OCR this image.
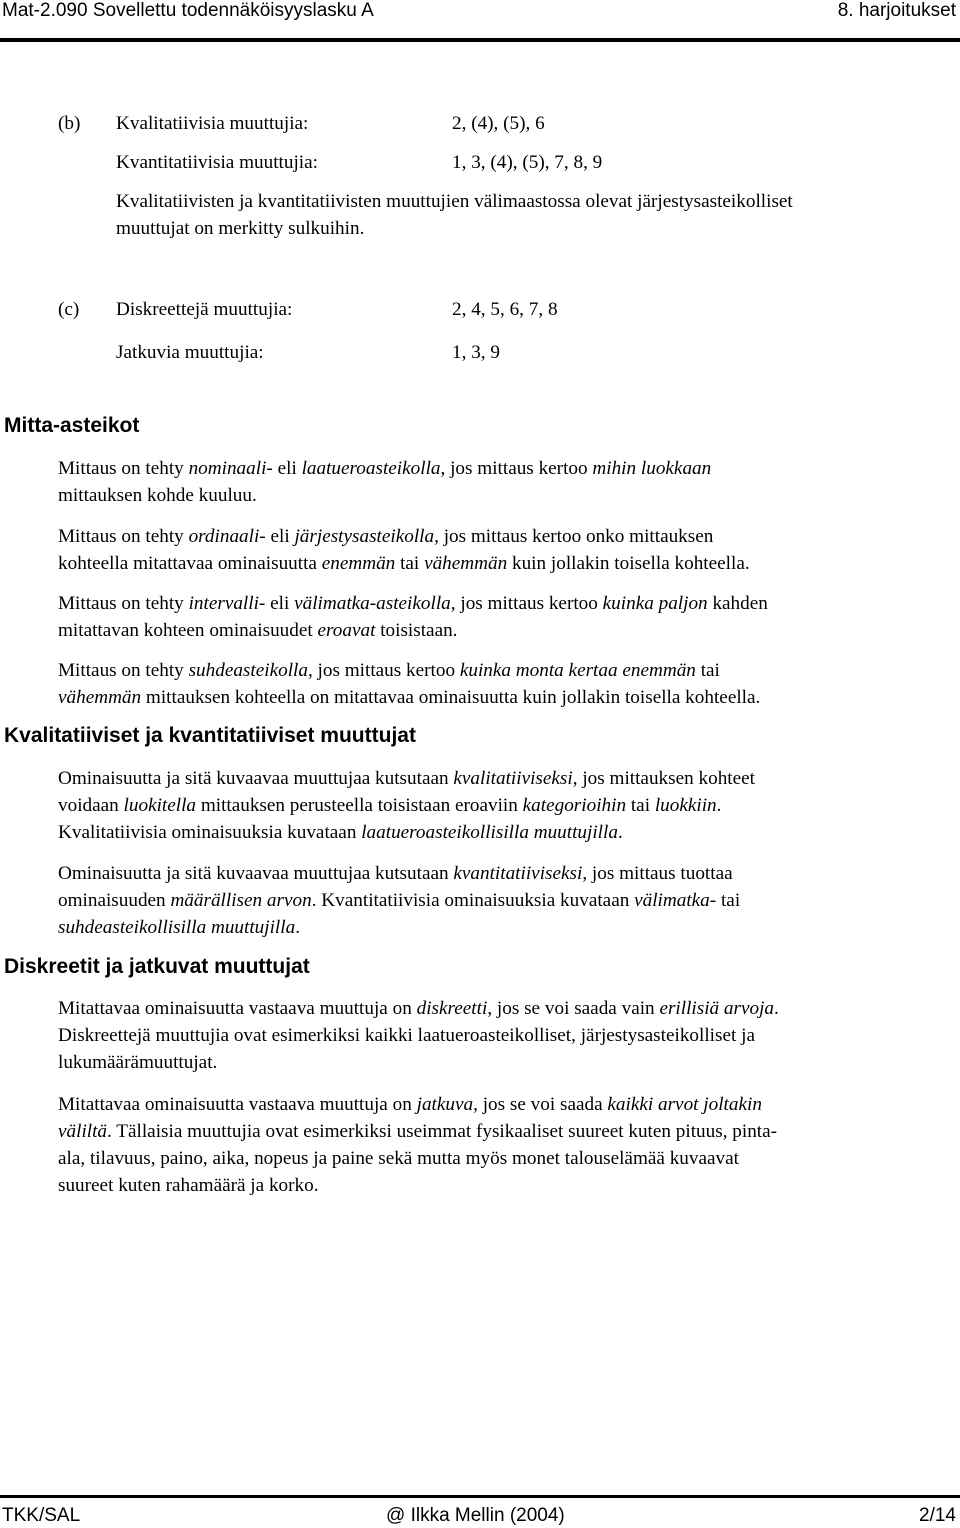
Mat-2.090 Sovellettu todennäköisyyslasku A	8. harjoitukset
(b) Kvalitatiivisia muuttujia:	2, (4), (5), 6
Kvantitatiivisia muuttujia:	1, 3, (4), (5), 7, 8, 9
Kvalitatiivisten ja kvantitatiivisten muuttujien välimaastossa olevat järjestysasteikolliset
muuttujat on merkitty sulkuihin.
(c) Diskreettejä muuttujia:	2, 4, 5, 6, 7, 8
Jatkuvia muuttujia:	1, 3, 9
Mitta-asteikot

Mittaus on tehty nominaali- eli laatueroasteikolla, jos mittaus kertoo mihin luokkaan

mittauksen kohde kuuluu.

Mittaus on tehty ordinaali- eli järjestysasteikolla, jos mittaus kertoo onko mittauksen

kohteella mitattavaa ominaisuutta enemmän tai vähemmän kuin jollakin toisella kohteella.

Mittaus on tehty intervalli- eli välimatka-asteikolla, jos mittaus kertoo kuinka paljon kahden

mitattavan kohteen ominaisuudet eroavat toisistaan.

Mittaus on tehty suhdeasteikolla, jos mittaus kertoo kuinka monta kertaa enemmän tai

vähemmän mittauksen kohteella on mitattavaa ominaisuutta kuin jollakin toisella kohteella.

Kvalitatiiviset ja kvantitatiiviset muuttujat

Ominaisuutta ja sitä kuvaavaa muuttujaa kutsutaan kvalitatiiviseksi, jos mittauksen kohteet

voidaan luokitella mittauksen perusteella toisistaan eroaviin kategorioihin tai luokkiin.

Kvalitatiivisia ominaisuuksia kuvataan laatueroasteikollisilla muuttujilla.

Ominaisuutta ja sitä kuvaavaa muuttujaa kutsutaan kvantitatiiviseksi, jos mittaus tuottaa

ominaisuuden määrällisen arvon. Kvantitatiivisia ominaisuuksia kuvataan välimatka- tai

suhdeasteikollisilla muuttujilla.

Diskreetit ja jatkuvat muuttujat

Mitattavaa ominaisuutta vastaava muuttuja on diskreetti, jos se voi saada vain erillisiä arvoja.

Diskreettejä muuttujia ovat esimerkiksi kaikki laatueroasteikolliset, järjestysasteikolliset ja

lukumäärämuuttujat.

Mitattavaa ominaisuutta vastaava muuttuja on jatkuva, jos se voi saada kaikki arvot joltakin

väliltä. Tällaisia muuttujia ovat esimerkiksi useimmat fysikaaliset suureet kuten pituus, pinta-

ala, tilavuus, paino, aika, nopeus ja paine sekä mutta myös monet talouselämää kuvaavat

suureet kuten rahamäärä ja korko.

TKK/SAL	@ Ilkka Mellin (2004)	2/14
